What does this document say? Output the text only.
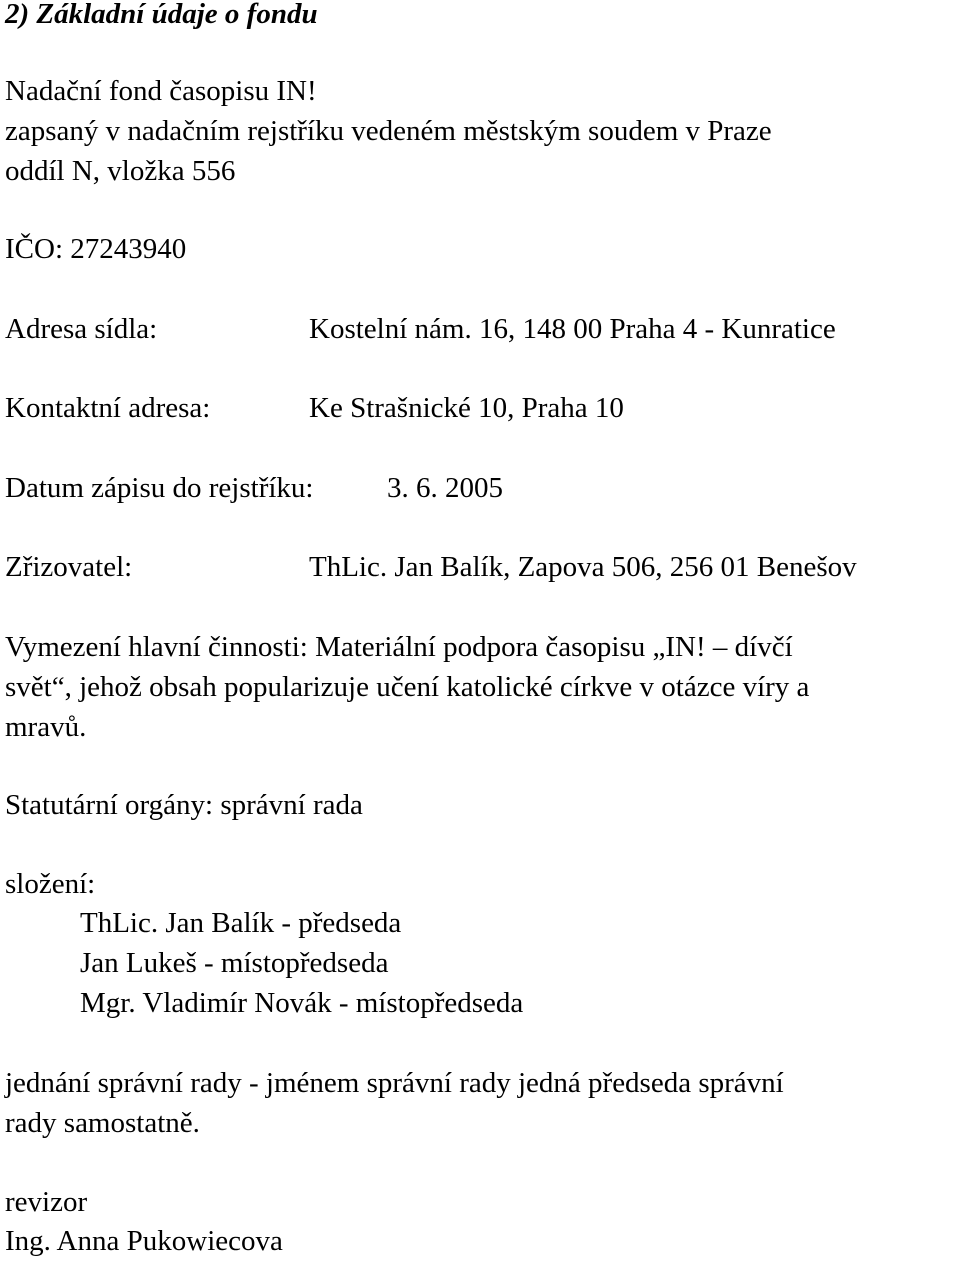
2) Základní údaje o fondu
Nadační fond časopisu IN!
zapsaný v nadačním rejstříku vedeném městským soudem v Praze
oddíl N, vložka 556
IČO: 27243940
Adresa sídla:	Kostelní nám. 16, 148 00 Praha 4 - Kunratice
Kontaktní adresa:	Ke Strašnické 10, Praha 10
Datum zápisu do rejstříku:	3. 6. 2005
Zřizovatel:	ThLic. Jan Balík, Zapova 506, 256 01 Benešov
Vymezení hlavní činnosti: Materiální podpora časopisu „IN! – dívčí
svět“, jehož obsah popularizuje učení katolické církve v otázce víry a
mravů.
Statutární orgány: správní rada
složení:
ThLic. Jan Balík - předseda
Jan Lukeš - místopředseda
Mgr. Vladimír Novák - místopředseda
jednání správní rady - jménem správní rady jedná předseda správní
rady samostatně.
revizor
Ing. Anna Pukowiecova
